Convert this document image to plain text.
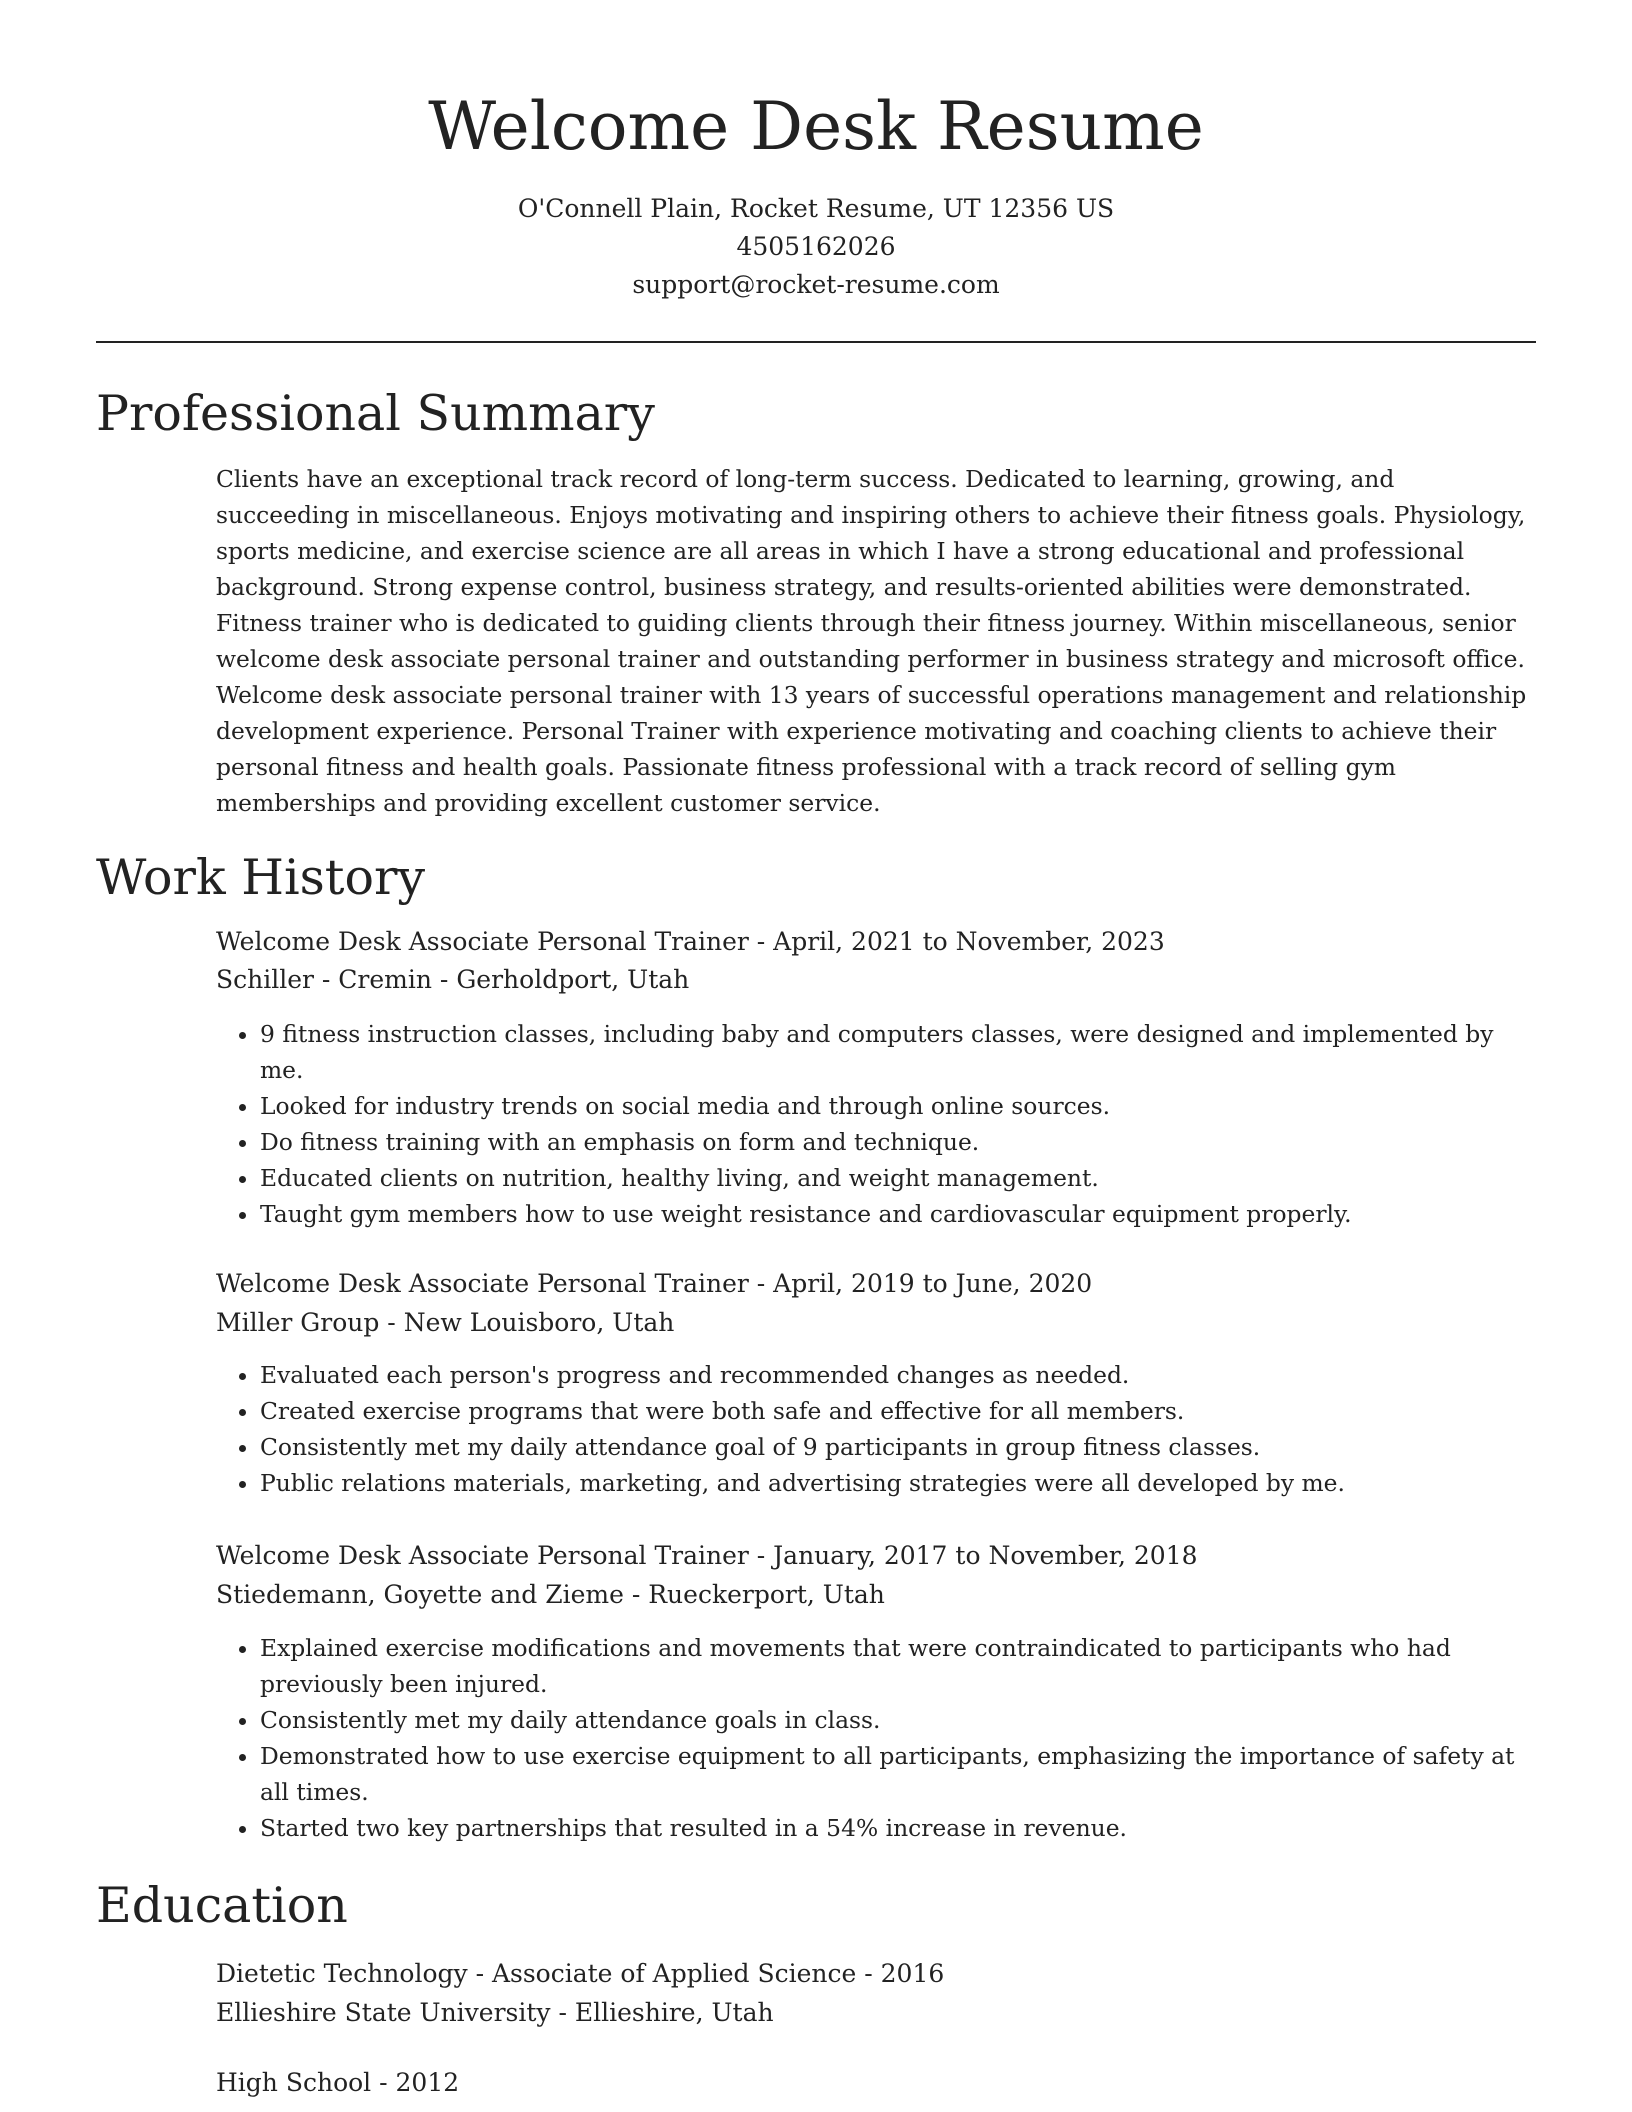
Welcome Desk Resume

O'Connell Plain, Rocket Resume, UT 12356 US

4505162026

support@rocket-resume.com

Professional Summary

Clients have an exceptional track record of long-term success. Dedicated to learning, growing, and succeeding in miscellaneous. Enjoys motivating and inspiring others to achieve their fitness goals. Physiology, sports medicine, and exercise science are all areas in which I have a strong educational and professional background. Strong expense control, business strategy, and results-oriented abilities were demonstrated. Fitness trainer who is dedicated to guiding clients through their fitness journey. Within miscellaneous, senior welcome desk associate personal trainer and outstanding performer in business strategy and microsoft office. Welcome desk associate personal trainer with 13 years of successful operations management and relationship development experience. Personal Trainer with experience motivating and coaching clients to achieve their personal fitness and health goals. Passionate fitness professional with a track record of selling gym memberships and providing excellent customer service.

Work History
Welcome Desk Associate Personal Trainer - April, 2021 to November, 2023
Schiller - Cremin - Gerholdport, Utah
• 9 fitness instruction classes, including baby and computers classes, were designed and implemented by me.
• Looked for industry trends on social media and through online sources.
• Do fitness training with an emphasis on form and technique.
• Educated clients on nutrition, healthy living, and weight management.
• Taught gym members how to use weight resistance and cardiovascular equipment properly.
Welcome Desk Associate Personal Trainer - April, 2019 to June, 2020
Miller Group - New Louisboro, Utah
• Evaluated each person's progress and recommended changes as needed.
• Created exercise programs that were both safe and effective for all members.
• Consistently met my daily attendance goal of 9 participants in group fitness classes.
• Public relations materials, marketing, and advertising strategies were all developed by me.
Welcome Desk Associate Personal Trainer - January, 2017 to November, 2018
Stiedemann, Goyette and Zieme - Rueckerport, Utah
• Explained exercise modifications and movements that were contraindicated to participants who had previously been injured.
• Consistently met my daily attendance goals in class.
• Demonstrated how to use exercise equipment to all participants, emphasizing the importance of safety at all times.
• Started two key partnerships that resulted in a 54% increase in revenue.
Education
Dietetic Technology - Associate of Applied Science - 2016
Ellieshire State University - Ellieshire, Utah
High School - 2012
